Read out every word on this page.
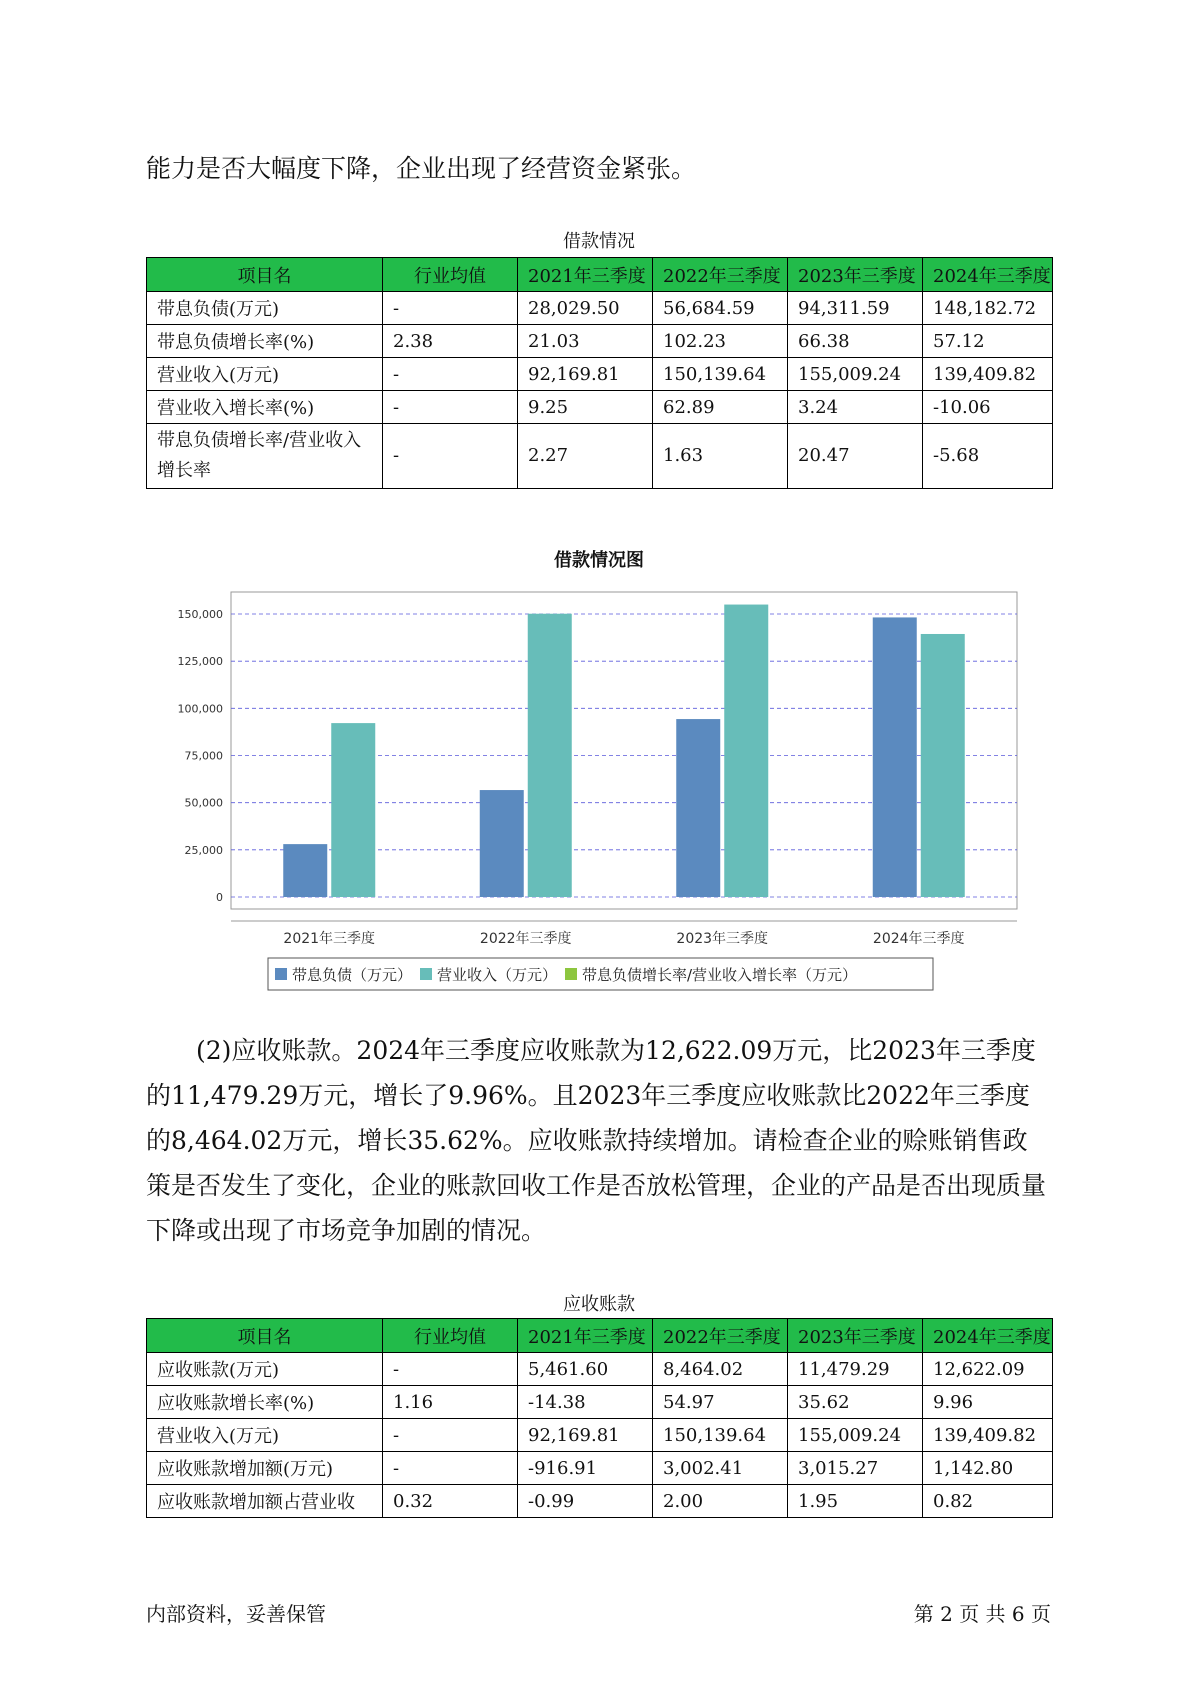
能力是否大幅度下降，企业出现了经营资金紧张。

借款情况
项目名	行业均值	2021年三季度	2022年三季度	2023年三季度	2024年三季度
带息负债(万元)	-	28,029.50	56,684.59	94,311.59	148,182.72
带息负债增长率(%)	2.38	21.03	102.23	66.38	57.12
营业收入(万元)	-	92,169.81	150,139.64	155,009.24	139,409.82
营业收入增长率(%)	-	9.25	62.89	3.24	-10.06
带息负债增长率/营业收入增长率	-	2.27	1.63	20.47	-5.68
借款情况图
0
25,000
50,000
75,000
100,000
125,000
150,000
2021年三季度	2022年三季度	2023年三季度	2024年三季度
带息负债（万元） 营业收入（万元） 带息负债增长率/营业收入增长率（万元）

(2)应收账款。2024年三季度应收账款为12,622.09万元，比2023年三季度的11,479.29万元，增长了9.96%。且2023年三季度应收账款比2022年三季度的8,464.02万元，增长35.62%。应收账款持续增加。请检查企业的赊账销售政策是否发生了变化，企业的账款回收工作是否放松管理，企业的产品是否出现质量下降或出现了市场竞争加剧的情况。

应收账款
项目名	行业均值	2021年三季度	2022年三季度	2023年三季度	2024年三季度
应收账款(万元)	-	5,461.60	8,464.02	11,479.29	12,622.09
应收账款增长率(%)	1.16	-14.38	54.97	35.62	9.96
营业收入(万元)	-	92,169.81	150,139.64	155,009.24	139,409.82
应收账款增加额(万元)	-	-916.91	3,002.41	3,015.27	1,142.80
应收账款增加额占营业收	0.32	-0.99	2.00	1.95	0.82
内部资料，妥善保管	第 2 页 共 6 页
